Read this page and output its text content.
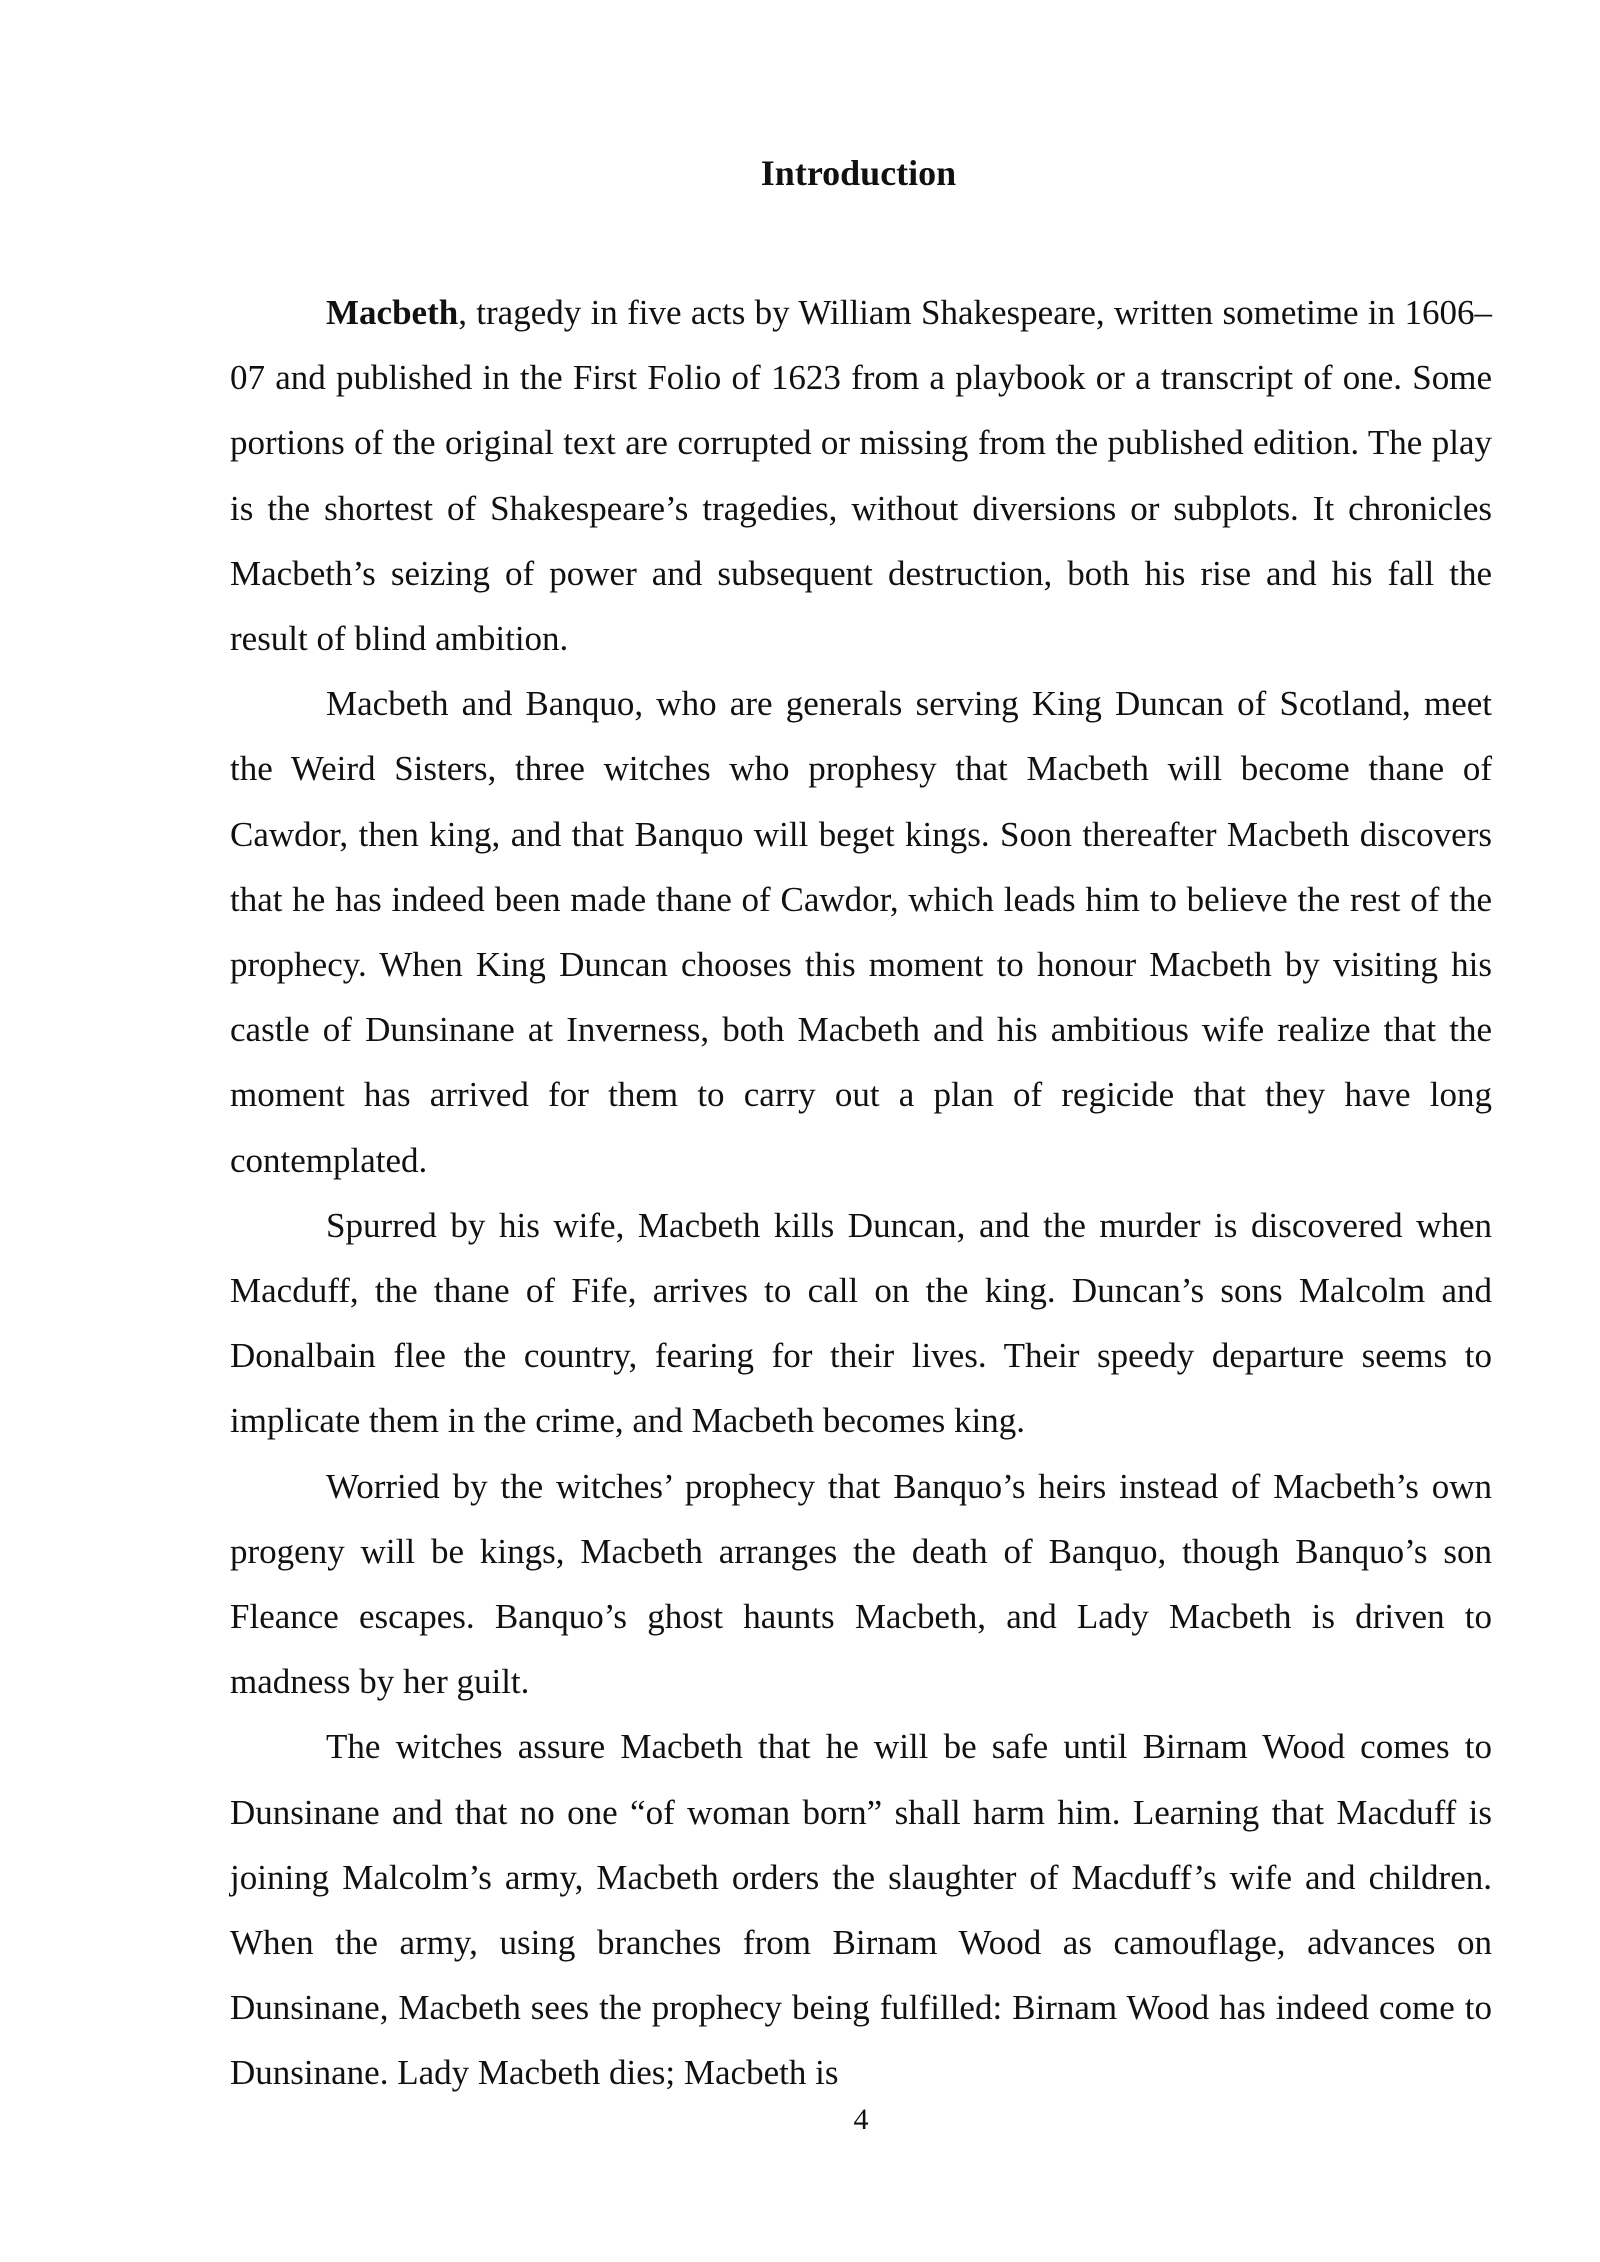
Introduction

Macbeth, tragedy in five acts by William Shakespeare, written sometime in 1606–07 and published in the First Folio of 1623 from a playbook or a transcript of one. Some portions of the original text are corrupted or missing from the published edition. The play is the shortest of Shakespeare’s tragedies, without diversions or subplots. It chronicles Macbeth’s seizing of power and subsequent destruction, both his rise and his fall the result of blind ambition.

Macbeth and Banquo, who are generals serving King Duncan of Scotland, meet the Weird Sisters, three witches who prophesy that Macbeth will become thane of Cawdor, then king, and that Banquo will beget kings. Soon thereafter Macbeth discovers that he has indeed been made thane of Cawdor, which leads him to believe the rest of the prophecy. When King Duncan chooses this moment to honour Macbeth by visiting his castle of Dunsinane at Inverness, both Macbeth and his ambitious wife realize that the moment has arrived for them to carry out a plan of regicide that they have long contemplated.

Spurred by his wife, Macbeth kills Duncan, and the murder is discovered when Macduff, the thane of Fife, arrives to call on the king. Duncan’s sons Malcolm and Donalbain flee the country, fearing for their lives. Their speedy departure seems to implicate them in the crime, and Macbeth becomes king.

Worried by the witches’ prophecy that Banquo’s heirs instead of Macbeth’s own progeny will be kings, Macbeth arranges the death of Banquo, though Banquo’s son Fleance escapes. Banquo’s ghost haunts Macbeth, and Lady Macbeth is driven to madness by her guilt.

The witches assure Macbeth that he will be safe until Birnam Wood comes to Dunsinane and that no one “of woman born” shall harm him. Learning that Macduff is joining Malcolm’s army, Macbeth orders the slaughter of Macduff’s wife and children. When the army, using branches from Birnam Wood as camouflage, advances on Dunsinane, Macbeth sees the prophecy being fulfilled: Birnam Wood has indeed come to Dunsinane. Lady Macbeth dies; Macbeth is

4
